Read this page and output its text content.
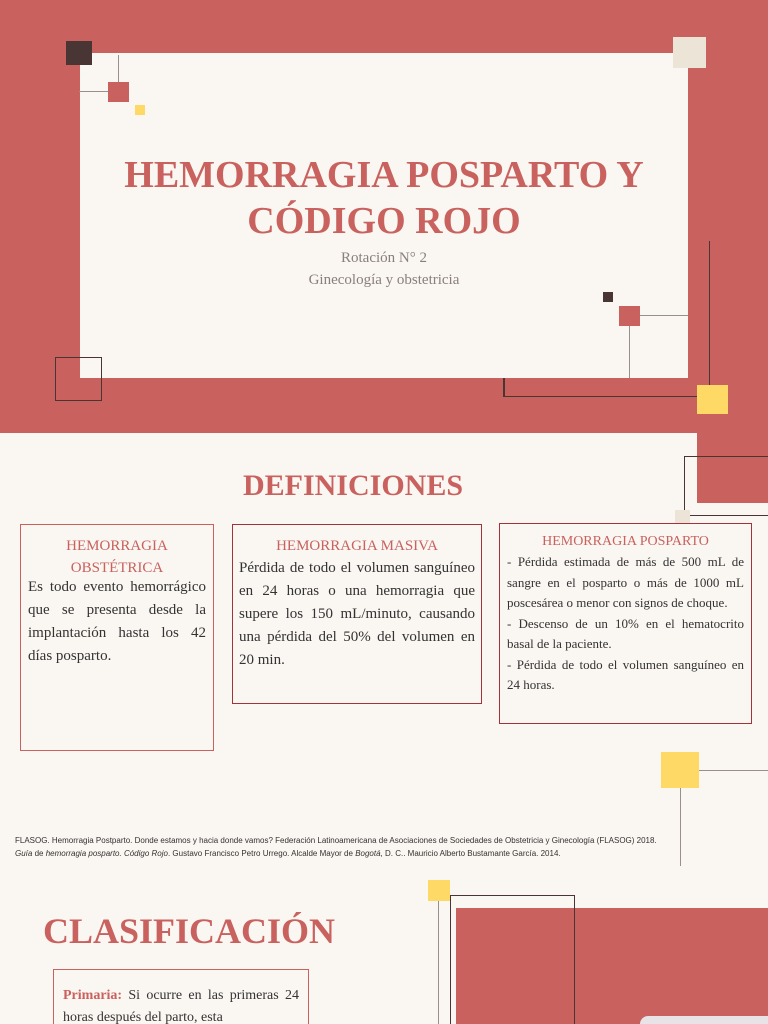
HEMORRAGIA POSPARTO Y
CÓDIGO ROJO
Rotación N° 2
Ginecología y obstetricia
DEFINICIONES
HEMORRAGIA
OBSTÉTRICA
Es todo evento hemorrágico que se presenta desde la implantación hasta los 42 días posparto.
HEMORRAGIA MASIVA
Pérdida de todo el volumen sanguíneo en 24 horas o una hemorragia que supere los 150 mL/minuto, causando una pérdida del 50% del volumen en 20 min.
HEMORRAGIA POSPARTO
- Pérdida estimada de más de 500 mL de sangre en el posparto o más de 1000 mL poscesárea o menor con signos de choque.
- Descenso de un 10% en el hematocrito basal de la paciente.
- Pérdida de todo el volumen sanguíneo en 24 horas.
FLASOG. Hemorragia Postparto. Donde estamos y hacia donde vamos? Federación Latinoamericana de Asociaciones de Sociedades de Obstetricia y Ginecología (FLASOG) 2018.
Guía de hemorragia posparto. Código Rojo. Gustavo Francisco Petro Urrego. Alcalde Mayor de Bogotá, D. C.. Mauricio Alberto Bustamante García. 2014.
CLASIFICACIÓN
Primaria: Si ocurre en las primeras 24 horas después del parto, esta
